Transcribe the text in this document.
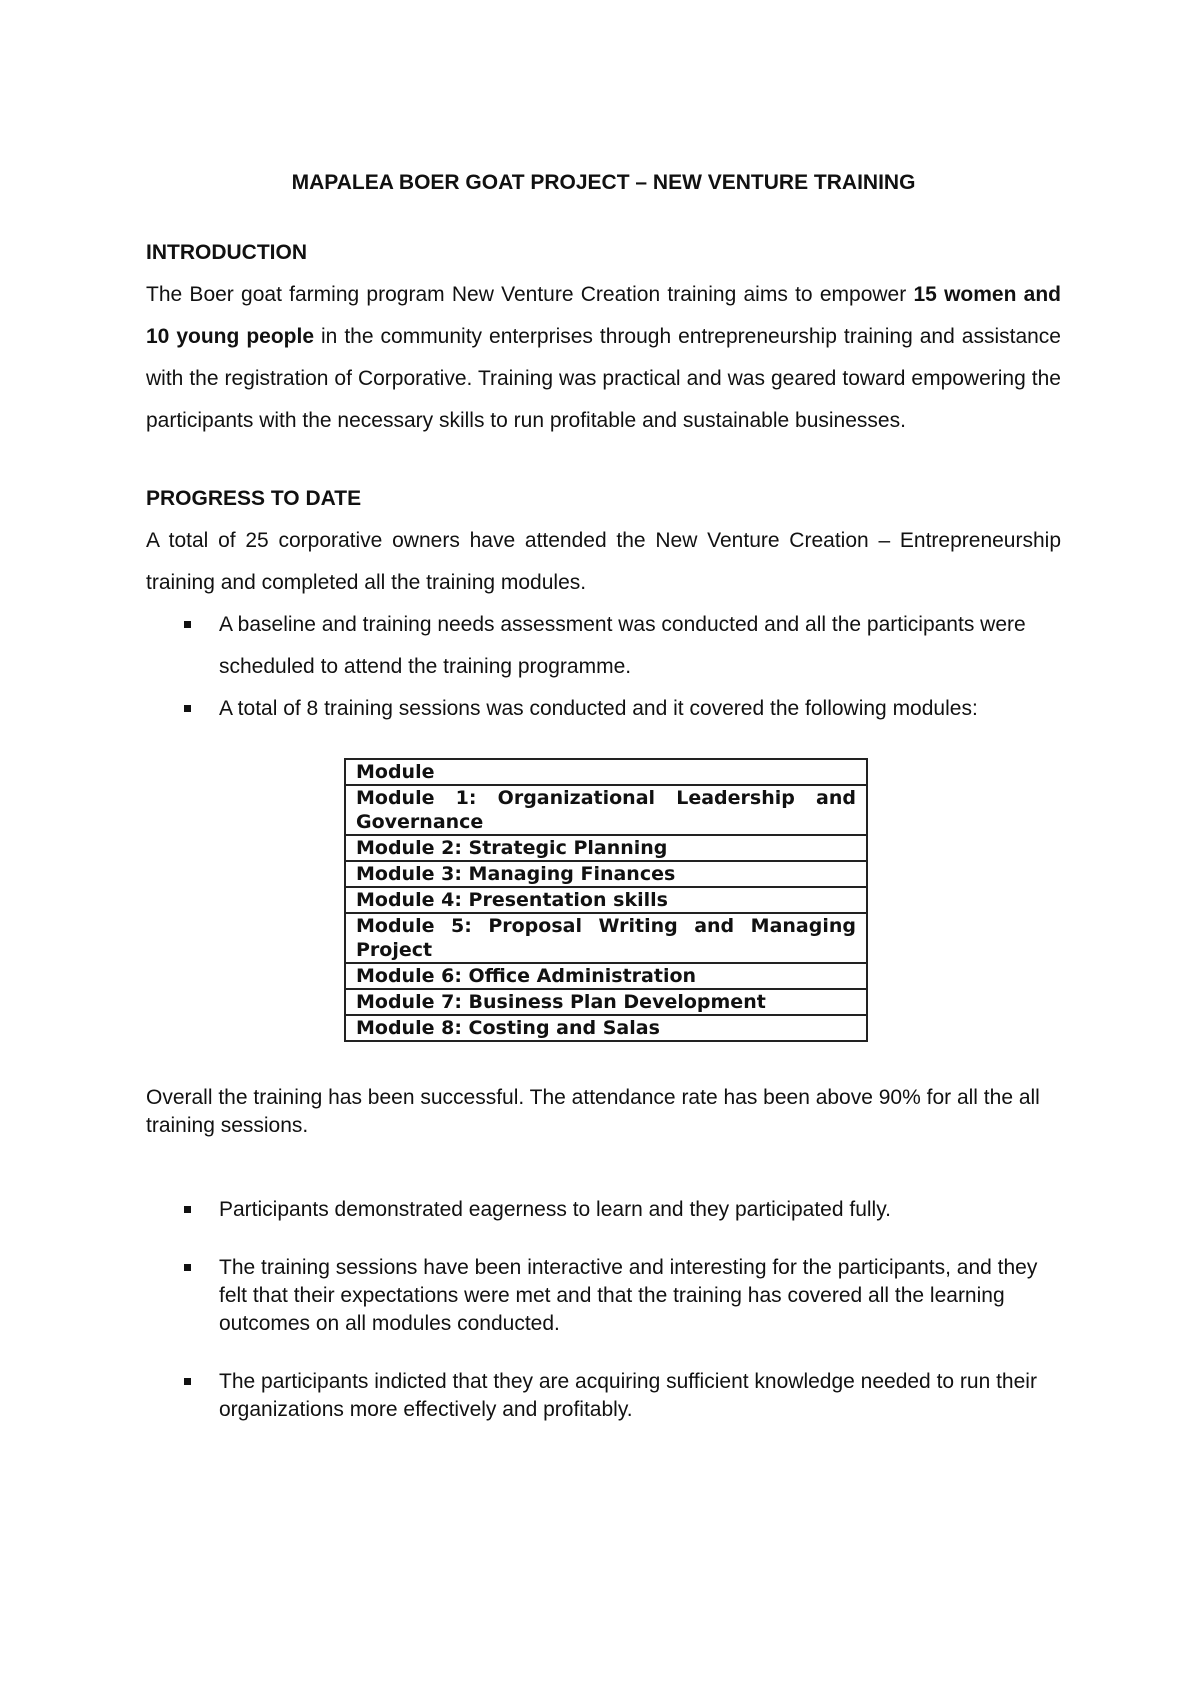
MAPALEA BOER GOAT PROJECT – NEW VENTURE TRAINING
INTRODUCTION

The Boer goat farming program New Venture Creation training aims to empower 15 women and 10 young people in the community enterprises through entrepreneurship training and assistance with the registration of Corporative. Training was practical and was geared toward empowering the participants with the necessary skills to run profitable and sustainable businesses.

PROGRESS TO DATE

A total of 25 corporative owners have attended the New Venture Creation – Entrepreneurship training and completed all the training modules.

A baseline and training needs assessment was conducted and all the participants were scheduled to attend the training programme.
A total of 8 training sessions was conducted and it covered the following modules:
Module
Module 1: Organizational Leadership and Governance
Module 2: Strategic Planning
Module 3: Managing Finances
Module 4: Presentation skills
Module 5: Proposal Writing and Managing Project
Module 6: Office Administration
Module 7: Business Plan Development
Module 8: Costing and Salas

Overall the training has been successful. The attendance rate has been above 90% for all the all training sessions.

Participants demonstrated eagerness to learn and they participated fully.
The training sessions have been interactive and interesting for the participants, and they felt that their expectations were met and that the training has covered all the learning outcomes on all modules conducted.
The participants indicted that they are acquiring sufficient knowledge needed to run their organizations more effectively and profitably.
